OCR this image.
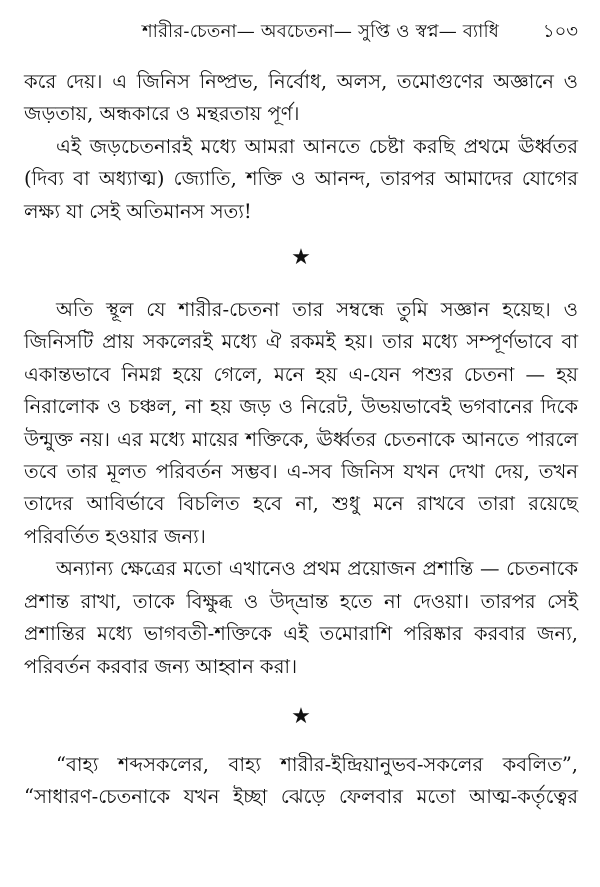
শারীর-চেতনা— অবচেতনা— সুপ্তি ও স্বপ্ন— ব্যাধি ১০৩

করে দেয়। এ জিনিস নিষ্প্রভ, নির্বোধ, অলস, তমোগুণের অজ্ঞানে ও জড়তায়, অন্ধকারে ও মন্থরতায় পূর্ণ।

এই জড়চেতনারই মধ্যে আমরা আনতে চেষ্টা করছি প্রথমে ঊর্ধ্বতর (দিব্য বা অধ্যাত্ম) জ্যোতি, শক্তি ও আনন্দ, তারপর আমাদের যোগের লক্ষ্য যা সেই অতিমানস সত্য!

★

অতি স্থূল যে শারীর-চেতনা তার সম্বন্ধে তুমি সজ্ঞান হয়েছ। ও জিনিসটি প্রায় সকলেরই মধ্যে ঐ রকমই হয়। তার মধ্যে সম্পূর্ণভাবে বা একান্তভাবে নিমগ্ন হয়ে গেলে, মনে হয় এ-যেন পশুর চেতনা — হয় নিরালোক ও চঞ্চল, না হয় জড় ও নিরেট, উভয়ভাবেই ভগবানের দিকে উন্মুক্ত নয়। এর মধ্যে মায়ের শক্তিকে, ঊর্ধ্বতর চেতনাকে আনতে পারলে তবে তার মূলত পরিবর্তন সম্ভব। এ-সব জিনিস যখন দেখা দেয়, তখন তাদের আবির্ভাবে বিচলিত হবে না, শুধু মনে রাখবে তারা রয়েছে পরিবর্তিত হওয়ার জন্য।

অন্যান্য ক্ষেত্রের মতো এখানেও প্রথম প্রয়োজন প্রশান্তি — চেতনাকে প্রশান্ত রাখা, তাকে বিক্ষুব্ধ ও উদ্‌ভ্রান্ত হতে না দেওয়া। তারপর সেই প্রশান্তির মধ্যে ভাগবতী-শক্তিকে এই তমোরাশি পরিষ্কার করবার জন্য, পরিবর্তন করবার জন্য আহ্বান করা।

★

“বাহ্য শব্দসকলের, বাহ্য শারীর-ইন্দ্রিয়ানুভব-সকলের কবলিত”, “সাধারণ-চেতনাকে যখন ইচ্ছা ঝেড়ে ফেলবার মতো আত্ম-কর্তৃত্বের
